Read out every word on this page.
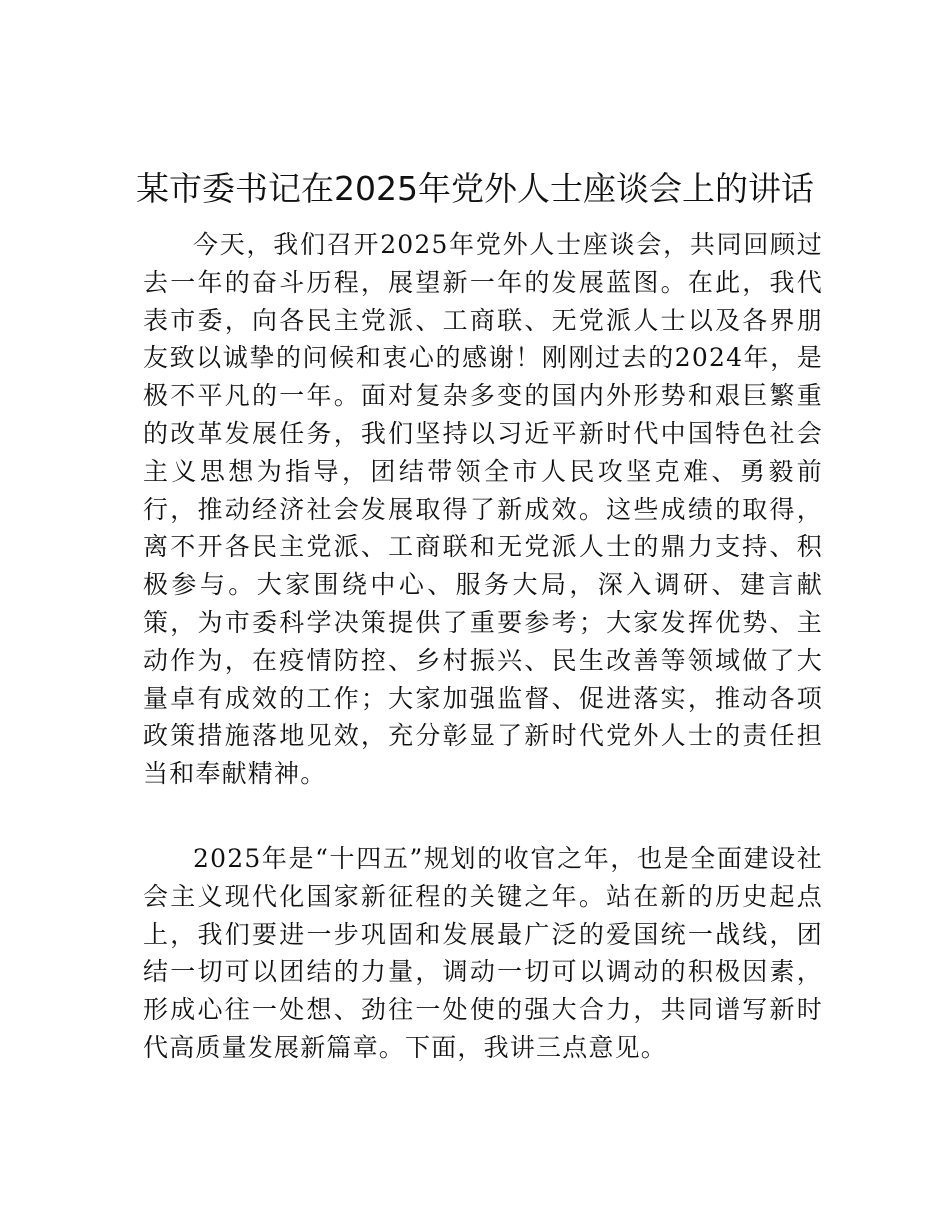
某市委书记在2025年党外人士座谈会上的讲话

今天，我们召开2025年党外人士座谈会，共同回顾过去一年的奋斗历程，展望新一年的发展蓝图。在此，我代表市委，向各民主党派、工商联、无党派人士以及各界朋友致以诚挚的问候和衷心的感谢！刚刚过去的2024年，是极不平凡的一年。面对复杂多变的国内外形势和艰巨繁重的改革发展任务，我们坚持以习近平新时代中国特色社会主义思想为指导，团结带领全市人民攻坚克难、勇毅前行，推动经济社会发展取得了新成效。这些成绩的取得，离不开各民主党派、工商联和无党派人士的鼎力支持、积极参与。大家围绕中心、服务大局，深入调研、建言献策，为市委科学决策提供了重要参考；大家发挥优势、主动作为，在疫情防控、乡村振兴、民生改善等领域做了大量卓有成效的工作；大家加强监督、促进落实，推动各项政策措施落地见效，充分彰显了新时代党外人士的责任担当和奉献精神。

2025年是“十四五”规划的收官之年，也是全面建设社会主义现代化国家新征程的关键之年。站在新的历史起点上，我们要进一步巩固和发展最广泛的爱国统一战线，团结一切可以团结的力量，调动一切可以调动的积极因素，形成心往一处想、劲往一处使的强大合力，共同谱写新时代高质量发展新篇章。下面，我讲三点意见。
